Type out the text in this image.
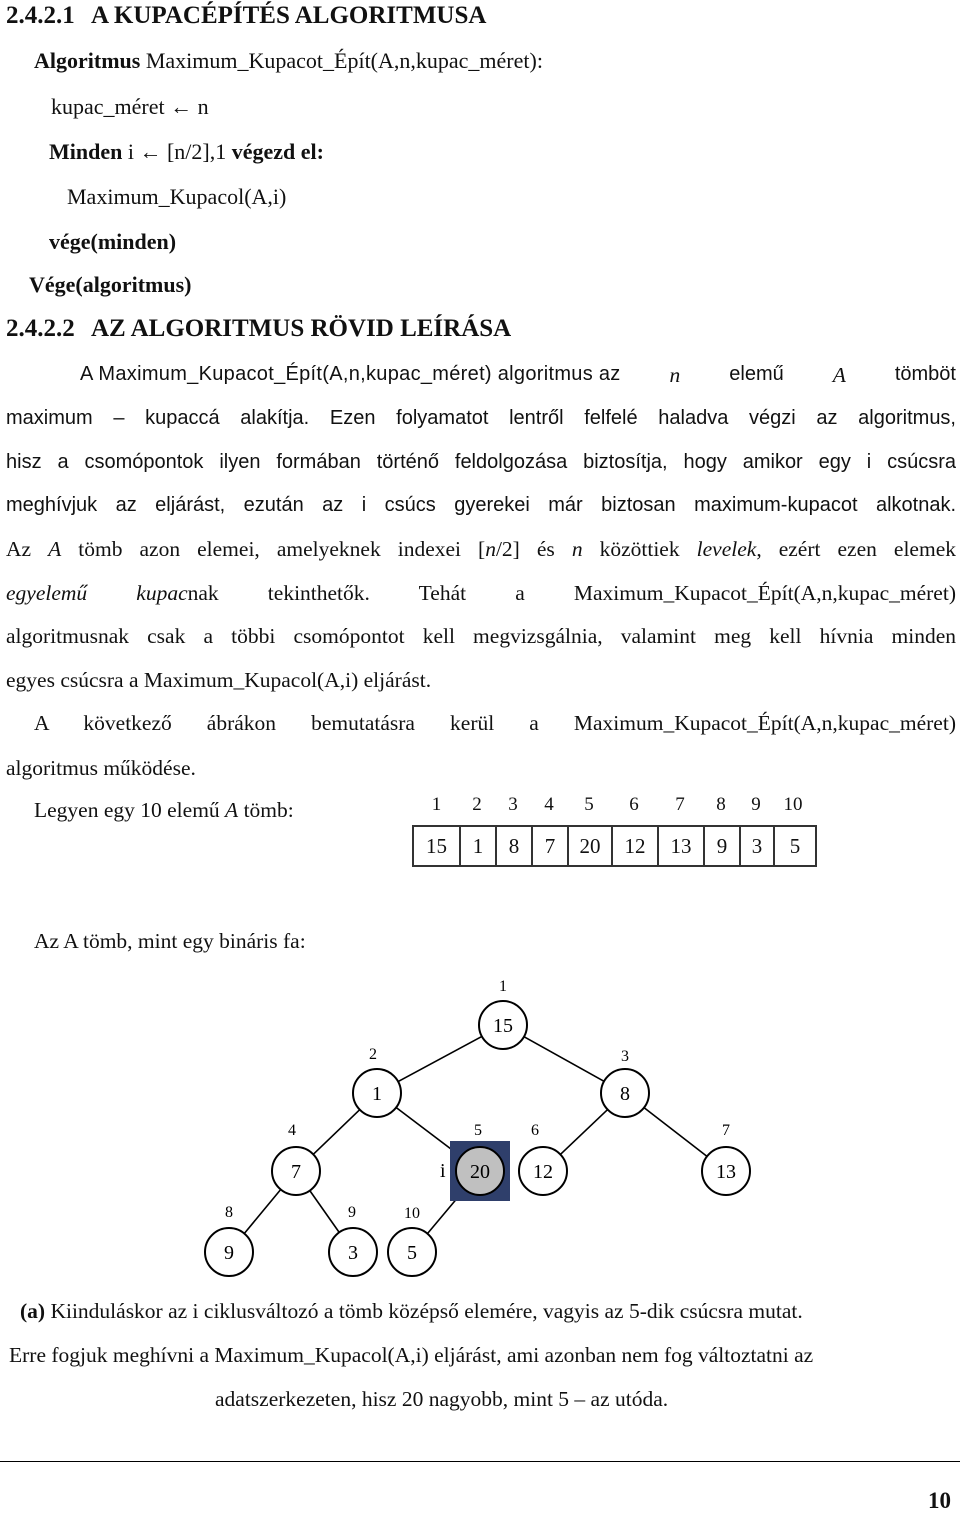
2.4.2.1 A KUPACÉPÍTÉS ALGORITMUSA
Algoritmus Maximum_Kupacot_Épít(A,n,kupac_méret):
kupac_méret ← n
Minden i ← [n/2],1 végezd el:
Maximum_Kupacol(A,i)
vége(minden)
Vége(algoritmus)
2.4.2.2 AZ ALGORITMUS RÖVID LEÍRÁSA
A Maximum_Kupacot_Épít(A,n,kupac_méret) algoritmus az n elemű A tömböt
maximum – kupaccá alakítja. Ezen folyamatot lentről felfelé haladva végzi az algoritmus,
hisz a csomópontok ilyen formában történő feldolgozása biztosítja, hogy amikor egy i csúcsra
meghívjuk az eljárást, ezután az i csúcs gyerekei már biztosan maximum-kupacot alkotnak.
Az A tömb azon elemei, amelyeknek indexei [n/2] és n közöttiek levelek, ezért ezen elemek
egyelemű kupacnak tekinthetők. Tehát a Maximum_Kupacot_Épít(A,n,kupac_méret)
algoritmusnak csak a többi csomópontot kell megvizsgálnia, valamint meg kell hívnia minden
egyes csúcsra a Maximum_Kupacol(A,i) eljárást.
A következő ábrákon bemutatásra kerül a Maximum_Kupacot_Épít(A,n,kupac_méret)
algoritmus működése.
Legyen egy 10 elemű A tömb:	1	2	3	4	5	6	7	8	9	10
15	1	8	7	20	12	13	9	3	5
Az A tömb, mint egy bináris fa:
i
15
1
1
2
8
3
7
4
20
5
12
6
13
7
9
8
3
9
5
10
(a) Kiinduláskor az i ciklusváltozó a tömb középső elemére, vagyis az 5-dik csúcsra mutat.
Erre fogjuk meghívni a Maximum_Kupacol(A,i) eljárást, ami azonban nem fog változtatni az
adatszerkezeten, hisz 20 nagyobb, mint 5 – az utóda.
10
